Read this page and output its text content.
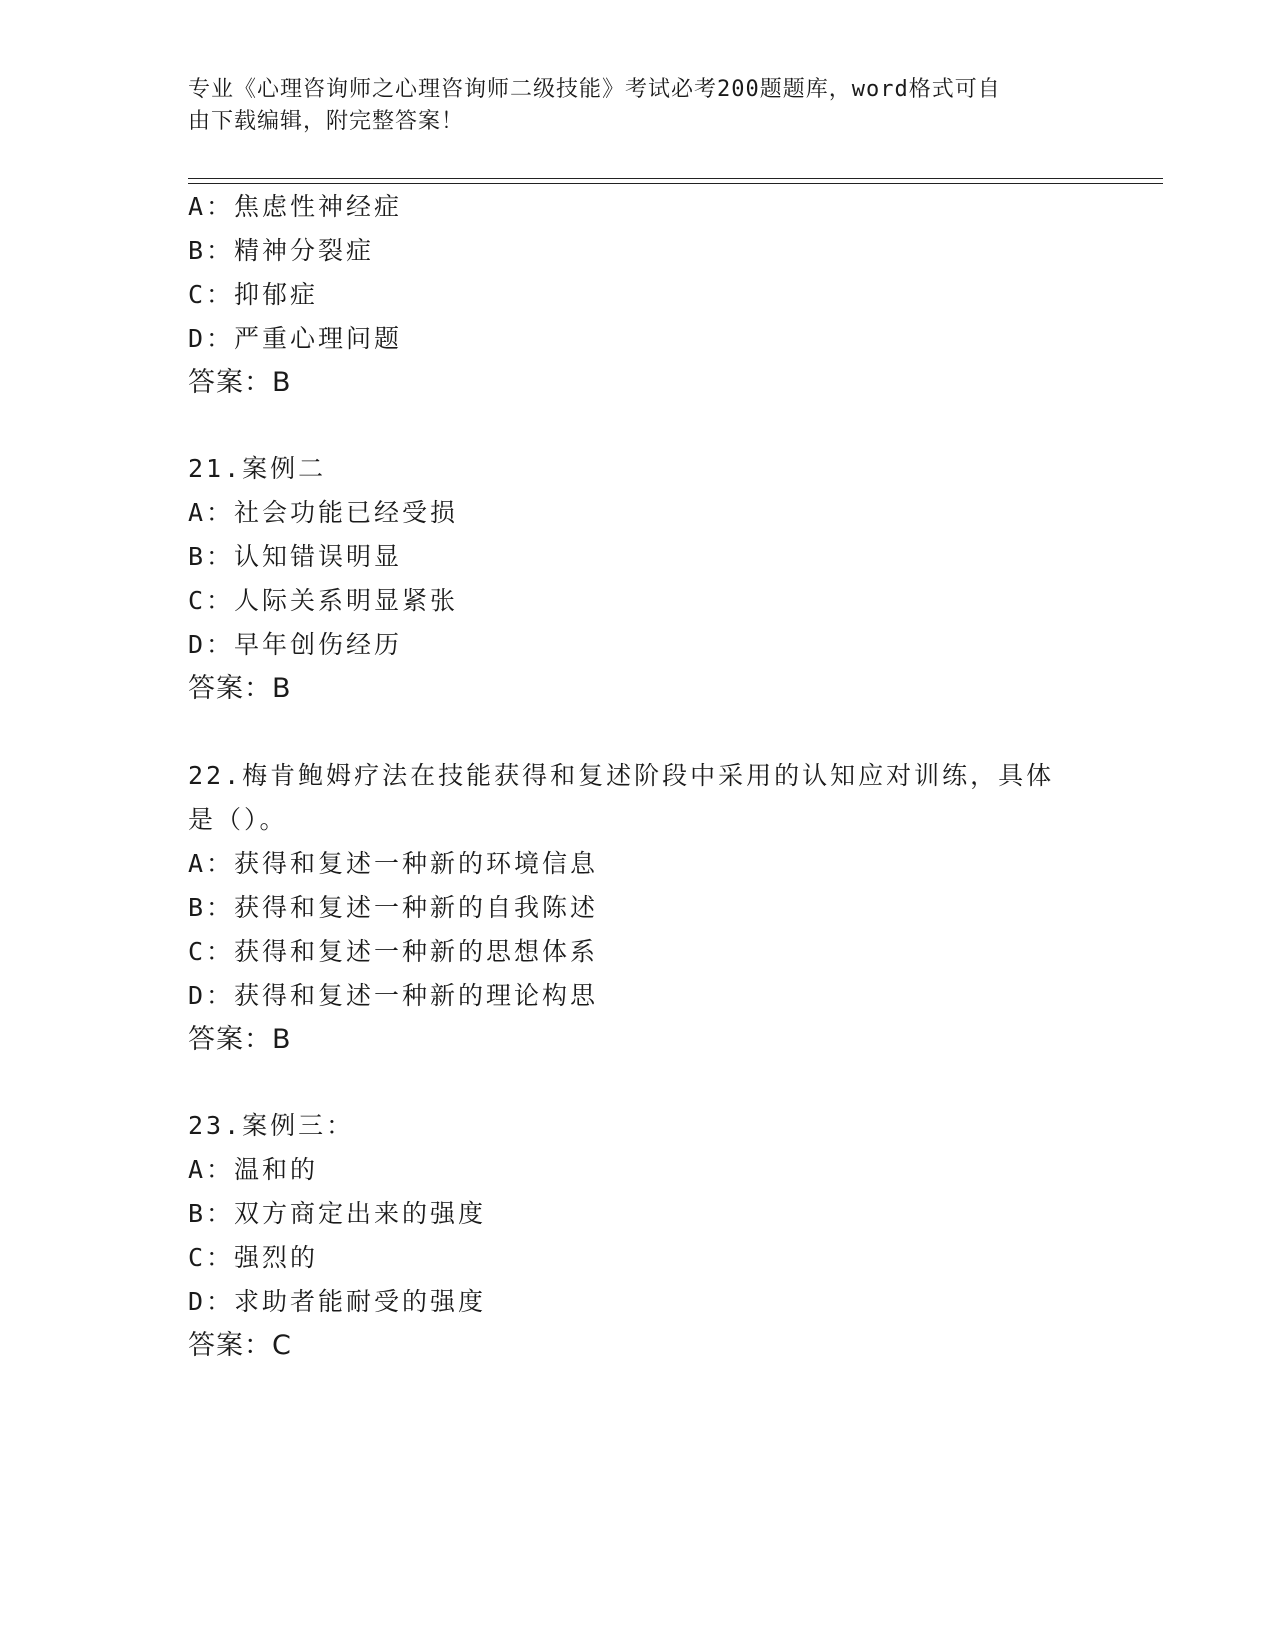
专业《心理咨询师之心理咨询师二级技能》考试必考200题题库，word格式可自
由下载编辑，附完整答案！
A：焦虑性神经症
B：精神分裂症
C：抑郁症
D：严重心理问题
答案：B
21.案例二
A：社会功能已经受损
B：认知错误明显
C：人际关系明显紧张
D：早年创伤经历
答案：B
22.梅肯鲍姆疗法在技能获得和复述阶段中采用的认知应对训练，具体
是（）。
A：获得和复述一种新的环境信息
B：获得和复述一种新的自我陈述
C：获得和复述一种新的思想体系
D：获得和复述一种新的理论构思
答案：B
23.案例三：
A：温和的
B：双方商定出来的强度
C：强烈的
D：求助者能耐受的强度
答案：C
